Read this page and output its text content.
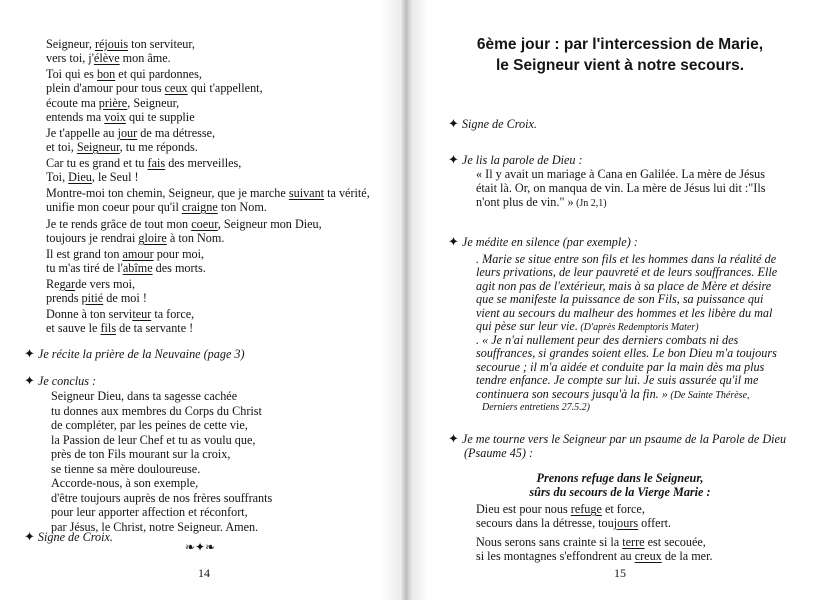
Seigneur, réjouis ton serviteur,
vers toi, j'élève mon âme.
Toi qui es bon et qui pardonnes,
plein d'amour pour tous ceux qui t'appellent,
écoute ma prière, Seigneur,
entends ma voix qui te supplie
Je t'appelle au jour de ma détresse,
et toi, Seigneur, tu me réponds.
Car tu es grand et tu fais des merveilles,
Toi, Dieu, le Seul !
Montre-moi ton chemin, Seigneur, que je marche suivant ta vérité,
unifie mon coeur pour qu'il craigne ton Nom.
Je te rends grâce de tout mon coeur, Seigneur mon Dieu,
toujours je rendrai gloire à ton Nom.
Il est grand ton amour pour moi,
tu m'as tiré de l'abîme des morts.
Regarde vers moi,
prends pitié de moi !
Donne à ton serviteur ta force,
et sauve le fils de ta servante !
✦ Je récite la prière de la Neuvaine (page 3)
✦ Je conclus :
Seigneur Dieu, dans ta sagesse cachée
tu donnes aux membres du Corps du Christ
de compléter, par les peines de cette vie,
la Passion de leur Chef et tu as voulu que,
près de ton Fils mourant sur la croix,
se tienne sa mère douloureuse.
Accorde-nous, à son exemple,
d'être toujours auprès de nos frères souffrants
pour leur apporter affection et réconfort,
par Jésus, le Christ, notre Seigneur. Amen.
✦ Signe de Croix.
❧✦❧
14
6ème jour : par l'intercession de Marie,
le Seigneur vient à notre secours.
✦ Signe de Croix.
✦ Je lis la parole de Dieu :
« Il y avait un mariage à Cana en Galilée. La mère de Jésus
était là. Or, on manqua de vin. La mère de Jésus lui dit :"Ils
n'ont plus de vin." » (Jn 2,1)
✦ Je médite en silence (par exemple) :
. Marie se situe entre son fils et les hommes dans la réalité de
leurs privations, de leur pauvreté et de leurs souffrances. Elle
agit non pas de l'extérieur, mais à sa place de Mère et désire
que se manifeste la puissance de son Fils, sa puissance qui
vient au secours du malheur des hommes et les libère du mal
qui pèse sur leur vie. (D'après Redemptoris Mater)
. « Je n'ai nullement peur des derniers combats ni des
souffrances, si grandes soient elles. Le bon Dieu m'a toujours
secourue ; il m'a aidée et conduite par la main dès ma plus
tendre enfance. Je compte sur lui. Je suis assurée qu'il me
continuera son secours jusqu'à la fin. » (De Sainte Thérèse,
Derniers entretiens 27.5.2)
✦ Je me tourne vers le Seigneur par un psaume de la Parole de Dieu
(Psaume 45) :
Prenons refuge dans le Seigneur,
sûrs du secours de la Vierge Marie :
Dieu est pour nous refuge et force,
secours dans la détresse, toujours offert.
Nous serons sans crainte si la terre est secouée,
si les montagnes s'effondrent au creux de la mer.
15
